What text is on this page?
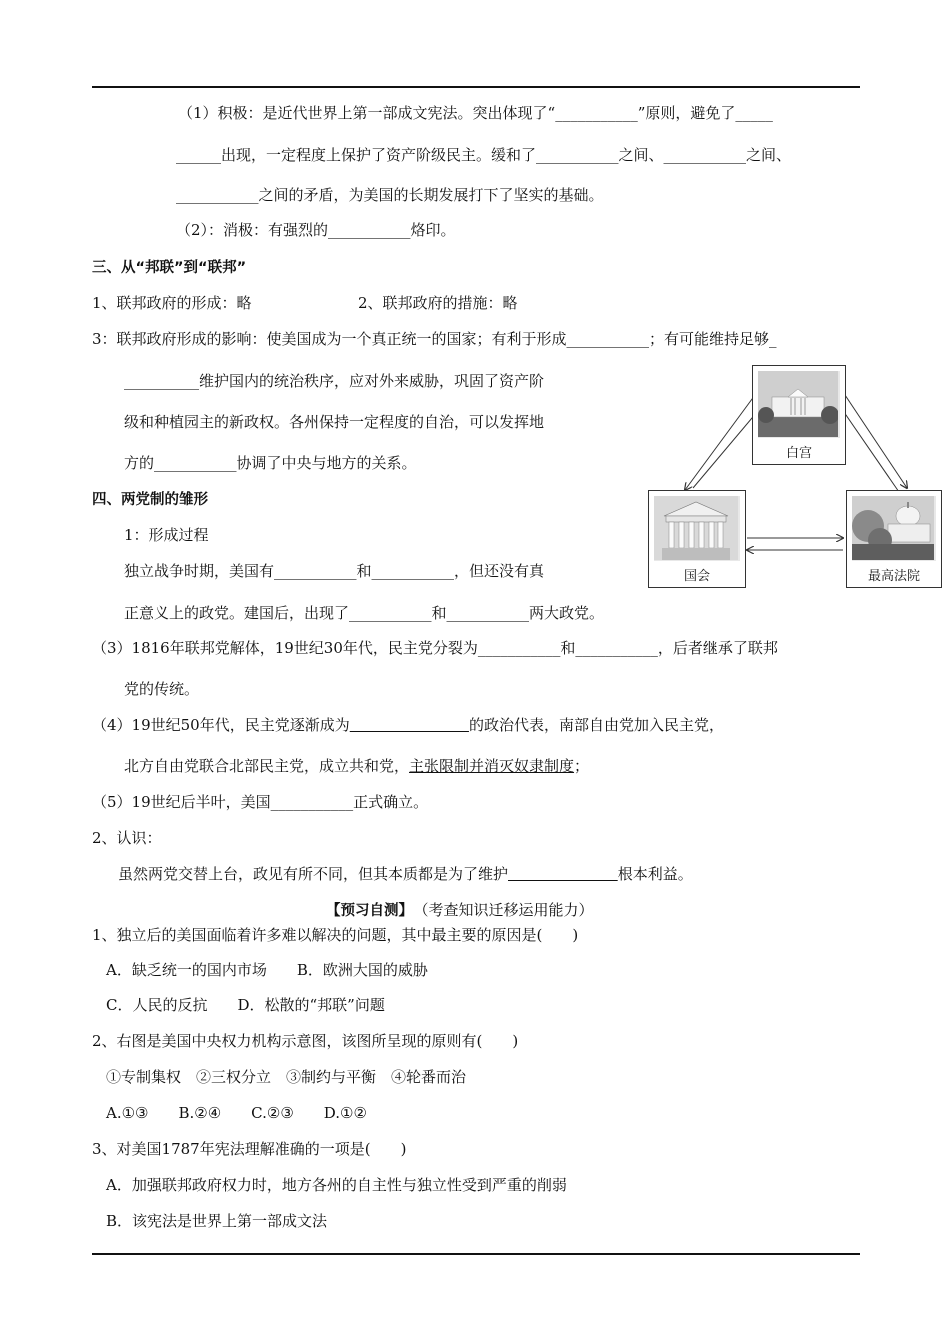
（1）积极：是近代世界上第一部成文宪法。突出体现了“___________”原则，避免了_____
______出现，一定程度上保护了资产阶级民主。缓和了___________之间、___________之间、
___________之间的矛盾，为美国的长期发展打下了坚实的基础。
（2）：消极：有强烈的___________烙印。
三、从“邦联”到“联邦”
1、联邦政府的形成：略	2、联邦政府的措施：略
3：联邦政府形成的影响：使美国成为一个真正统一的国家；有利于形成___________；有可能维持足够_
__________维护国内的统治秩序，应对外来威胁，巩固了资产阶
级和种植园主的新政权。各州保持一定程度的自治，可以发挥地
方的___________协调了中央与地方的关系。
四、两党制的雏形
1：形成过程
独立战争时期，美国有___________和___________，但还没有真
正意义上的政党。建国后，出现了___________和___________两大政党。
（3）1816年联邦党解体，19世纪30年代，民主党分裂为___________和___________，后者继承了联邦
党的传统。
（4）19世纪50年代，民主党逐渐成为	的政治代表，南部自由党加入民主党，
北方自由党联合北部民主党，成立共和党，主张限制并消灭奴隶制度；
（5）19世纪后半叶，美国___________正式确立。
2、认识：
虽然两党交替上台，政见有所不同，但其本质都是为了维护	根本利益。
【预习自测】 （考查知识迁移运用能力）
1、独立后的美国面临着许多难以解决的问题，其中最主要的原因是(　　)
A．缺乏统一的国内市场　　B．欧洲大国的威胁
C．人民的反抗　　D．松散的“邦联”问题
2、右图是美国中央权力机构示意图，该图所呈现的原则有(　　)
①专制集权　②三权分立　③制约与平衡　④轮番而治
A.①③　　B.②④　　C.②③　　D.①②
3、对美国1787年宪法理解准确的一项是(　　)
A．加强联邦政府权力时，地方各州的自主性与独立性受到严重的削弱
B．该宪法是世界上第一部成文法
白宫
国会	最高法院
